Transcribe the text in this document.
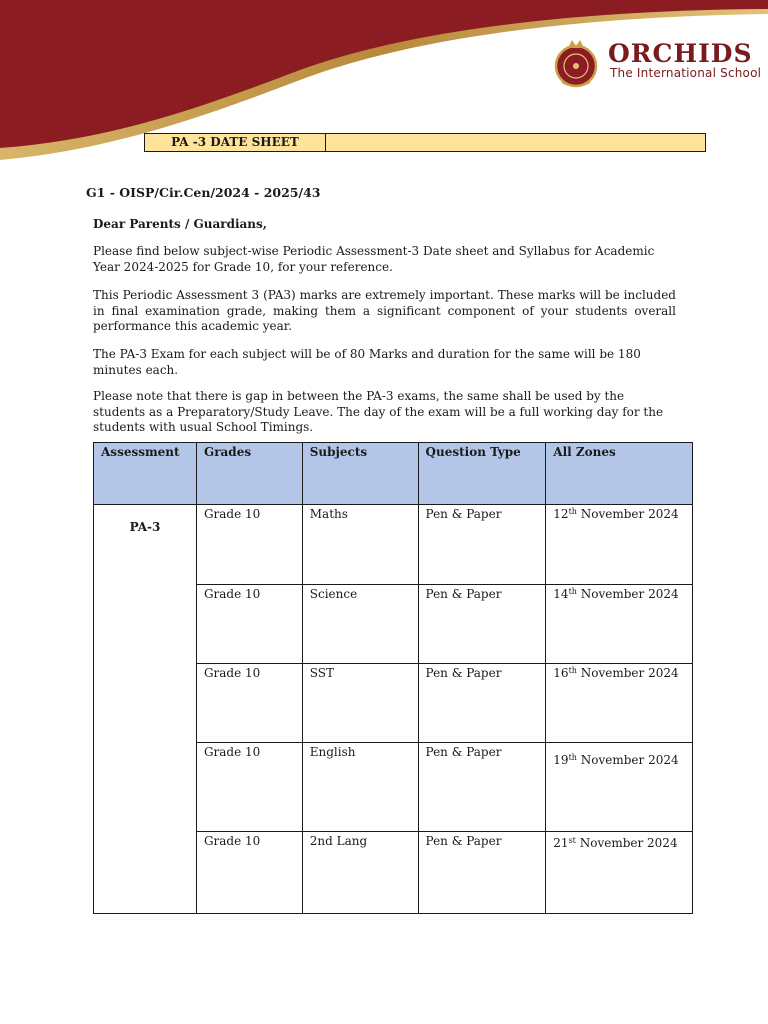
ORCHIDS
The International School
PA -3 DATE SHEET
G1 - OISP/Cir.Cen/2024 - 2025/43

Dear Parents / Guardians,

Please find below subject-wise Periodic Assessment-3 Date sheet and Syllabus for Academic Year 2024-2025 for Grade 10, for your reference.

This Periodic Assessment 3 (PA3) marks are extremely important. These marks will be included in final examination grade, making them a significant component of your students overall performance this academic year.

The PA-3 Exam for each subject will be of 80 Marks and duration for the same will be 180 minutes each.

Please note that there is gap in between the PA-3 exams, the same shall be used by the students as a Preparatory/Study Leave. The day of the exam will be a full working day for the students with usual School Timings.

Assessment	Grades	Subjects	Question Type	All Zones
PA-3	Grade 10	Maths	Pen & Paper	12th November 2024
	Grade 10	Science	Pen & Paper	14th November 2024
	Grade 10	SST	Pen & Paper	16th November 2024
	Grade 10	English	Pen & Paper	19th November 2024
	Grade 10	2nd Lang	Pen & Paper	21st November 2024
